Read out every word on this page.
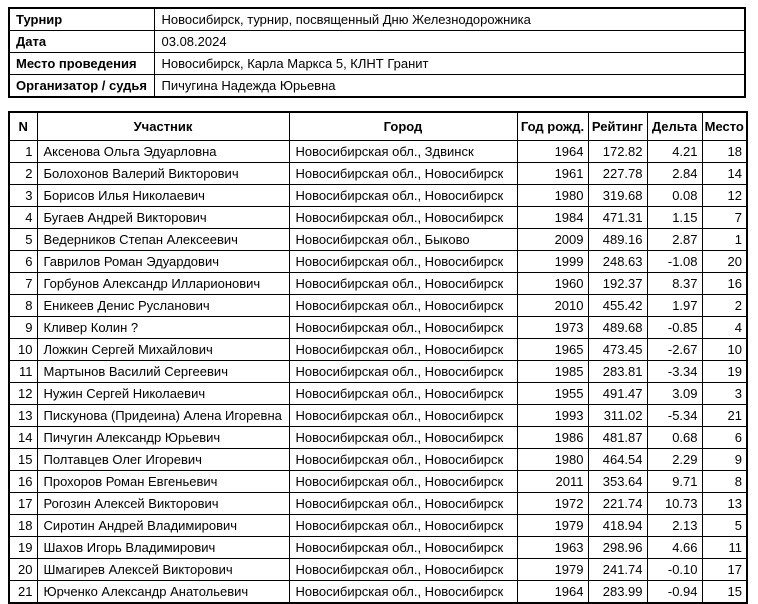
Турнир	Новосибирск, турнир, посвященный Дню Железнодорожника
Дата	03.08.2024
Место проведения	Новосибирск, Карла Маркса 5, КЛНТ Гранит
Организатор / судья	Пичугина Надежда Юрьевна
N	Участник	Город	Год рожд.	Рейтинг	Дельта	Место
1	Аксенова Ольга Эдуарловна	Новосибирская обл., Здвинск	1964	172.82	4.21	18
2	Болохонов Валерий Викторович	Новосибирская обл., Новосибирск	1961	227.78	2.84	14
3	Борисов Илья Николаевич	Новосибирская обл., Новосибирск	1980	319.68	0.08	12
4	Бугаев Андрей Викторович	Новосибирская обл., Новосибирск	1984	471.31	1.15	7
5	Ведерников Степан Алексеевич	Новосибирская обл., Быково	2009	489.16	2.87	1
6	Гаврилов Роман Эдуардович	Новосибирская обл., Новосибирск	1999	248.63	-1.08	20
7	Горбунов Александр Илларионович	Новосибирская обл., Новосибирск	1960	192.37	8.37	16
8	Еникеев Денис Русланович	Новосибирская обл., Новосибирск	2010	455.42	1.97	2
9	Кливер Колин ?	Новосибирская обл., Новосибирск	1973	489.68	-0.85	4
10	Ложкин Сергей Михайлович	Новосибирская обл., Новосибирск	1965	473.45	-2.67	10
11	Мартынов Василий Сергеевич	Новосибирская обл., Новосибирск	1985	283.81	-3.34	19
12	Нужин Сергей Николаевич	Новосибирская обл., Новосибирск	1955	491.47	3.09	3
13	Пискунова (Придеина) Алена Игоревна	Новосибирская обл., Новосибирск	1993	311.02	-5.34	21
14	Пичугин Александр Юрьевич	Новосибирская обл., Новосибирск	1986	481.87	0.68	6
15	Полтавцев Олег Игоревич	Новосибирская обл., Новосибирск	1980	464.54	2.29	9
16	Прохоров Роман Евгеньевич	Новосибирская обл., Новосибирск	2011	353.64	9.71	8
17	Рогозин Алексей Викторович	Новосибирская обл., Новосибирск	1972	221.74	10.73	13
18	Сиротин Андрей Владимирович	Новосибирская обл., Новосибирск	1979	418.94	2.13	5
19	Шахов Игорь Владимирович	Новосибирская обл., Новосибирск	1963	298.96	4.66	11
20	Шмагирев Алексей Викторович	Новосибирская обл., Новосибирск	1979	241.74	-0.10	17
21	Юрченко Александр Анатольевич	Новосибирская обл., Новосибирск	1964	283.99	-0.94	15
